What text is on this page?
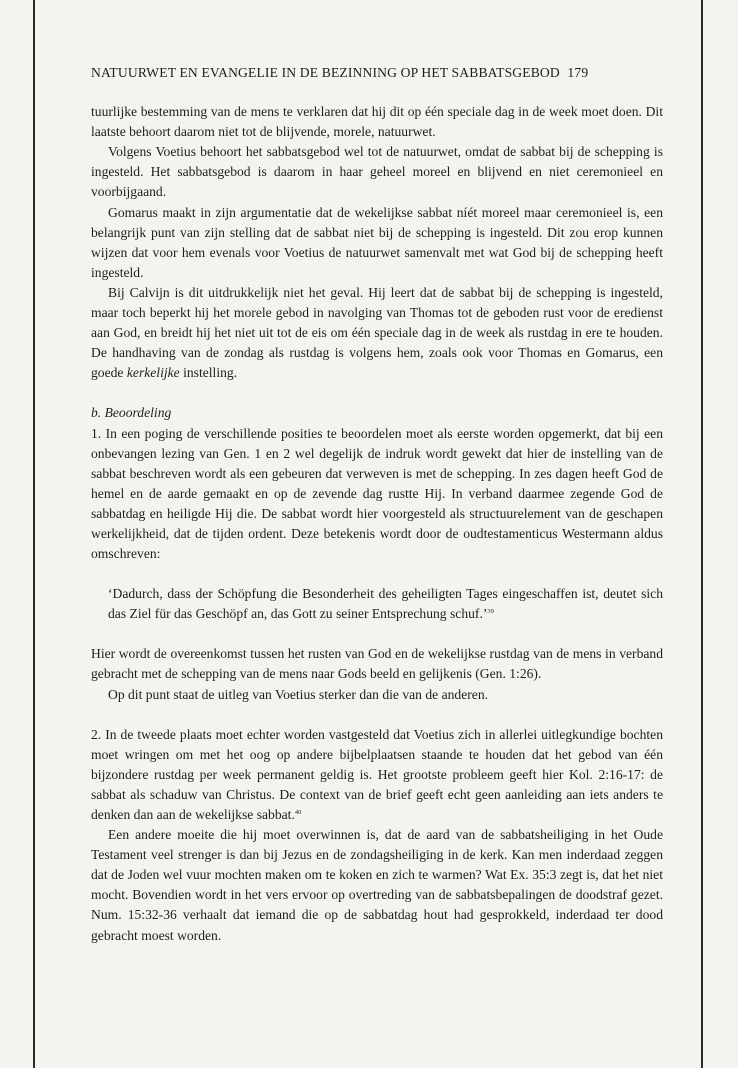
NATUURWET EN EVANGELIE IN DE BEZINNING OP HET SABBATSGEBOD 179

tuurlijke bestemming van de mens te verklaren dat hij dit op één speciale dag in de week moet doen. Dit laatste behoort daarom niet tot de blijvende, morele, natuurwet.

Volgens Voetius behoort het sabbatsgebod wel tot de natuurwet, omdat de sabbat bij de schepping is ingesteld. Het sabbatsgebod is daarom in haar geheel moreel en blijvend en niet ceremonieel en voorbijgaand.

Gomarus maakt in zijn argumentatie dat de wekelijkse sabbat níét moreel maar ceremonieel is, een belangrijk punt van zijn stelling dat de sabbat niet bij de schepping is ingesteld. Dit zou erop kunnen wijzen dat voor hem evenals voor Voetius de natuurwet samenvalt met wat God bij de schepping heeft ingesteld.

Bij Calvijn is dit uitdrukkelijk niet het geval. Hij leert dat de sabbat bij de schepping is ingesteld, maar toch beperkt hij het morele gebod in navolging van Thomas tot de geboden rust voor de eredienst aan God, en breidt hij het niet uit tot de eis om één speciale dag in de week als rustdag in ere te houden. De handhaving van de zondag als rustdag is volgens hem, zoals ook voor Thomas en Gomarus, een goede kerkelijke instelling.

b. Beoordeling

1. In een poging de verschillende posities te beoordelen moet als eerste worden opgemerkt, dat bij een onbevangen lezing van Gen. 1 en 2 wel degelijk de indruk wordt gewekt dat hier de instelling van de sabbat beschreven wordt als een gebeuren dat verweven is met de schepping. In zes dagen heeft God de hemel en de aarde gemaakt en op de zevende dag rustte Hij. In verband daarmee zegende God de sabbatdag en heiligde Hij die. De sabbat wordt hier voorgesteld als structuurelement van de geschapen werkelijkheid, dat de tijden ordent. Deze betekenis wordt door de oudtestamenticus Westermann aldus omschreven:

‘Dadurch, dass der Schöpfung die Besonderheit des geheiligten Tages eingeschaffen ist, deutet sich das Ziel für das Geschöpf an, das Gott zu seiner Entsprechung schuf.’$^{39}$

Hier wordt de overeenkomst tussen het rusten van God en de wekelijkse rustdag van de mens in verband gebracht met de schepping van de mens naar Gods beeld en gelijkenis (Gen. 1:26).

Op dit punt staat de uitleg van Voetius sterker dan die van de anderen.

2. In de tweede plaats moet echter worden vastgesteld dat Voetius zich in allerlei uitlegkundige bochten moet wringen om met het oog op andere bijbelplaatsen staande te houden dat het gebod van één bijzondere rustdag per week permanent geldig is. Het grootste probleem geeft hier Kol. 2:16-17: de sabbat als schaduw van Christus. De context van de brief geeft echt geen aanleiding aan iets anders te denken dan aan de wekelijkse sabbat.$^{40}$

Een andere moeite die hij moet overwinnen is, dat de aard van de sabbatsheiliging in het Oude Testament veel strenger is dan bij Jezus en de zondagsheiliging in de kerk. Kan men inderdaad zeggen dat de Joden wel vuur mochten maken om te koken en zich te warmen? Wat Ex. 35:3 zegt is, dat het niet mocht. Bovendien wordt in het vers ervoor op overtreding van de sabbatsbepalingen de doodstraf gezet. Num. 15:32-36 verhaalt dat iemand die op de sabbatdag hout had gesprokkeld, inderdaad ter dood gebracht moest worden.
